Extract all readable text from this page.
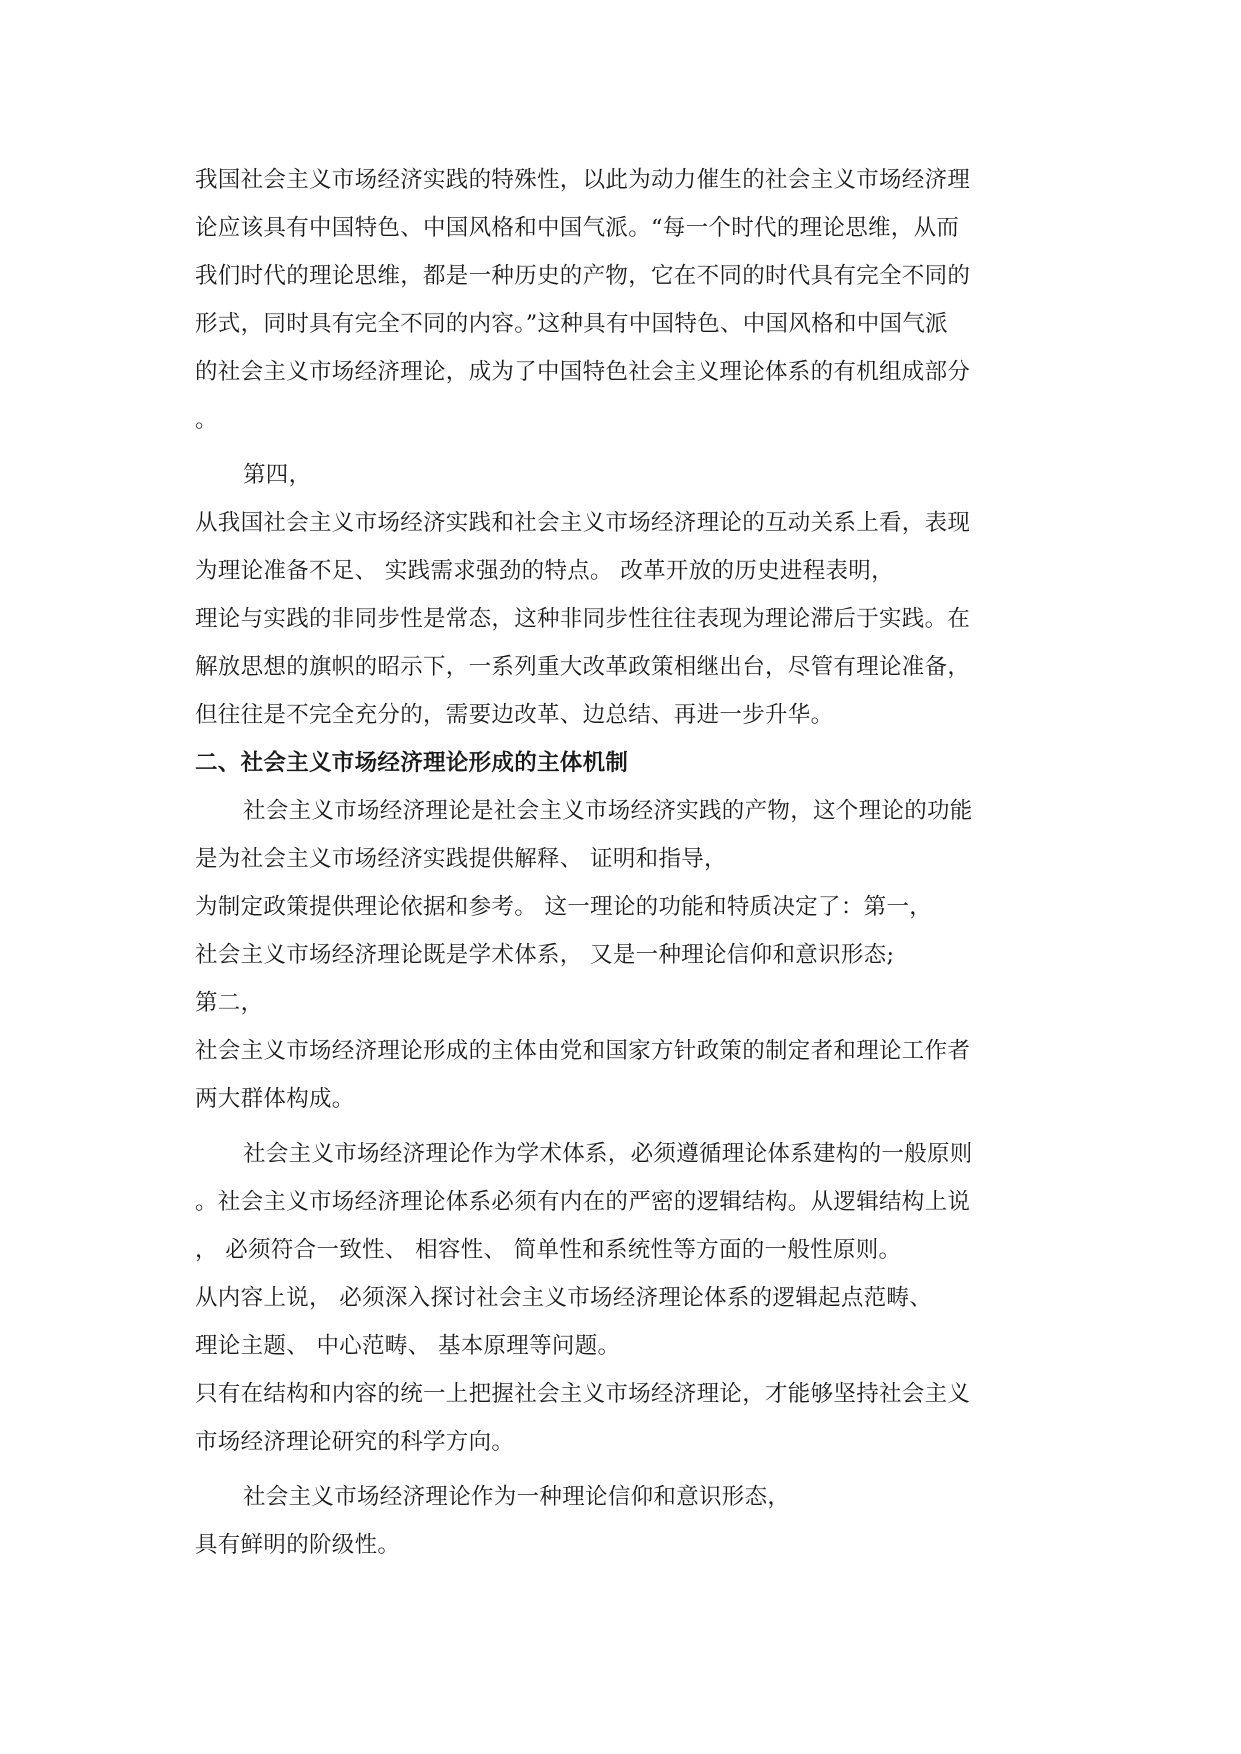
我国社会主义市场经济实践的特殊性，以此为动力催生的社会主义市场经济理
论应该具有中国特色、中国风格和中国气派。“每一个时代的理论思维，从而
我们时代的理论思维，都是一种历史的产物，它在不同的时代具有完全不同的
形式，同时具有完全不同的内容。”这种具有中国特色、中国风格和中国气派
的社会主义市场经济理论，成为了中国特色社会主义理论体系的有机组成部分
。
第四，
从我国社会主义市场经济实践和社会主义市场经济理论的互动关系上看，表现
为理论准备不足、 实践需求强劲的特点。 改革开放的历史进程表明，
理论与实践的非同步性是常态，这种非同步性往往表现为理论滞后于实践。在
解放思想的旗帜的昭示下，一系列重大改革政策相继出台，尽管有理论准备，
但往往是不完全充分的，需要边改革、边总结、再进一步升华。
二、社会主义市场经济理论形成的主体机制
社会主义市场经济理论是社会主义市场经济实践的产物，这个理论的功能
是为社会主义市场经济实践提供解释、 证明和指导，
为制定政策提供理论依据和参考。 这一理论的功能和特质决定了：第一，
社会主义市场经济理论既是学术体系， 又是一种理论信仰和意识形态;
第二，
社会主义市场经济理论形成的主体由党和国家方针政策的制定者和理论工作者
两大群体构成。
社会主义市场经济理论作为学术体系，必须遵循理论体系建构的一般原则
。社会主义市场经济理论体系必须有内在的严密的逻辑结构。从逻辑结构上说
， 必须符合一致性、 相容性、 简单性和系统性等方面的一般性原则。
从内容上说， 必须深入探讨社会主义市场经济理论体系的逻辑起点范畴、
理论主题、 中心范畴、 基本原理等问题。
只有在结构和内容的统一上把握社会主义市场经济理论，才能够坚持社会主义
市场经济理论研究的科学方向。
社会主义市场经济理论作为一种理论信仰和意识形态，
具有鲜明的阶级性。
